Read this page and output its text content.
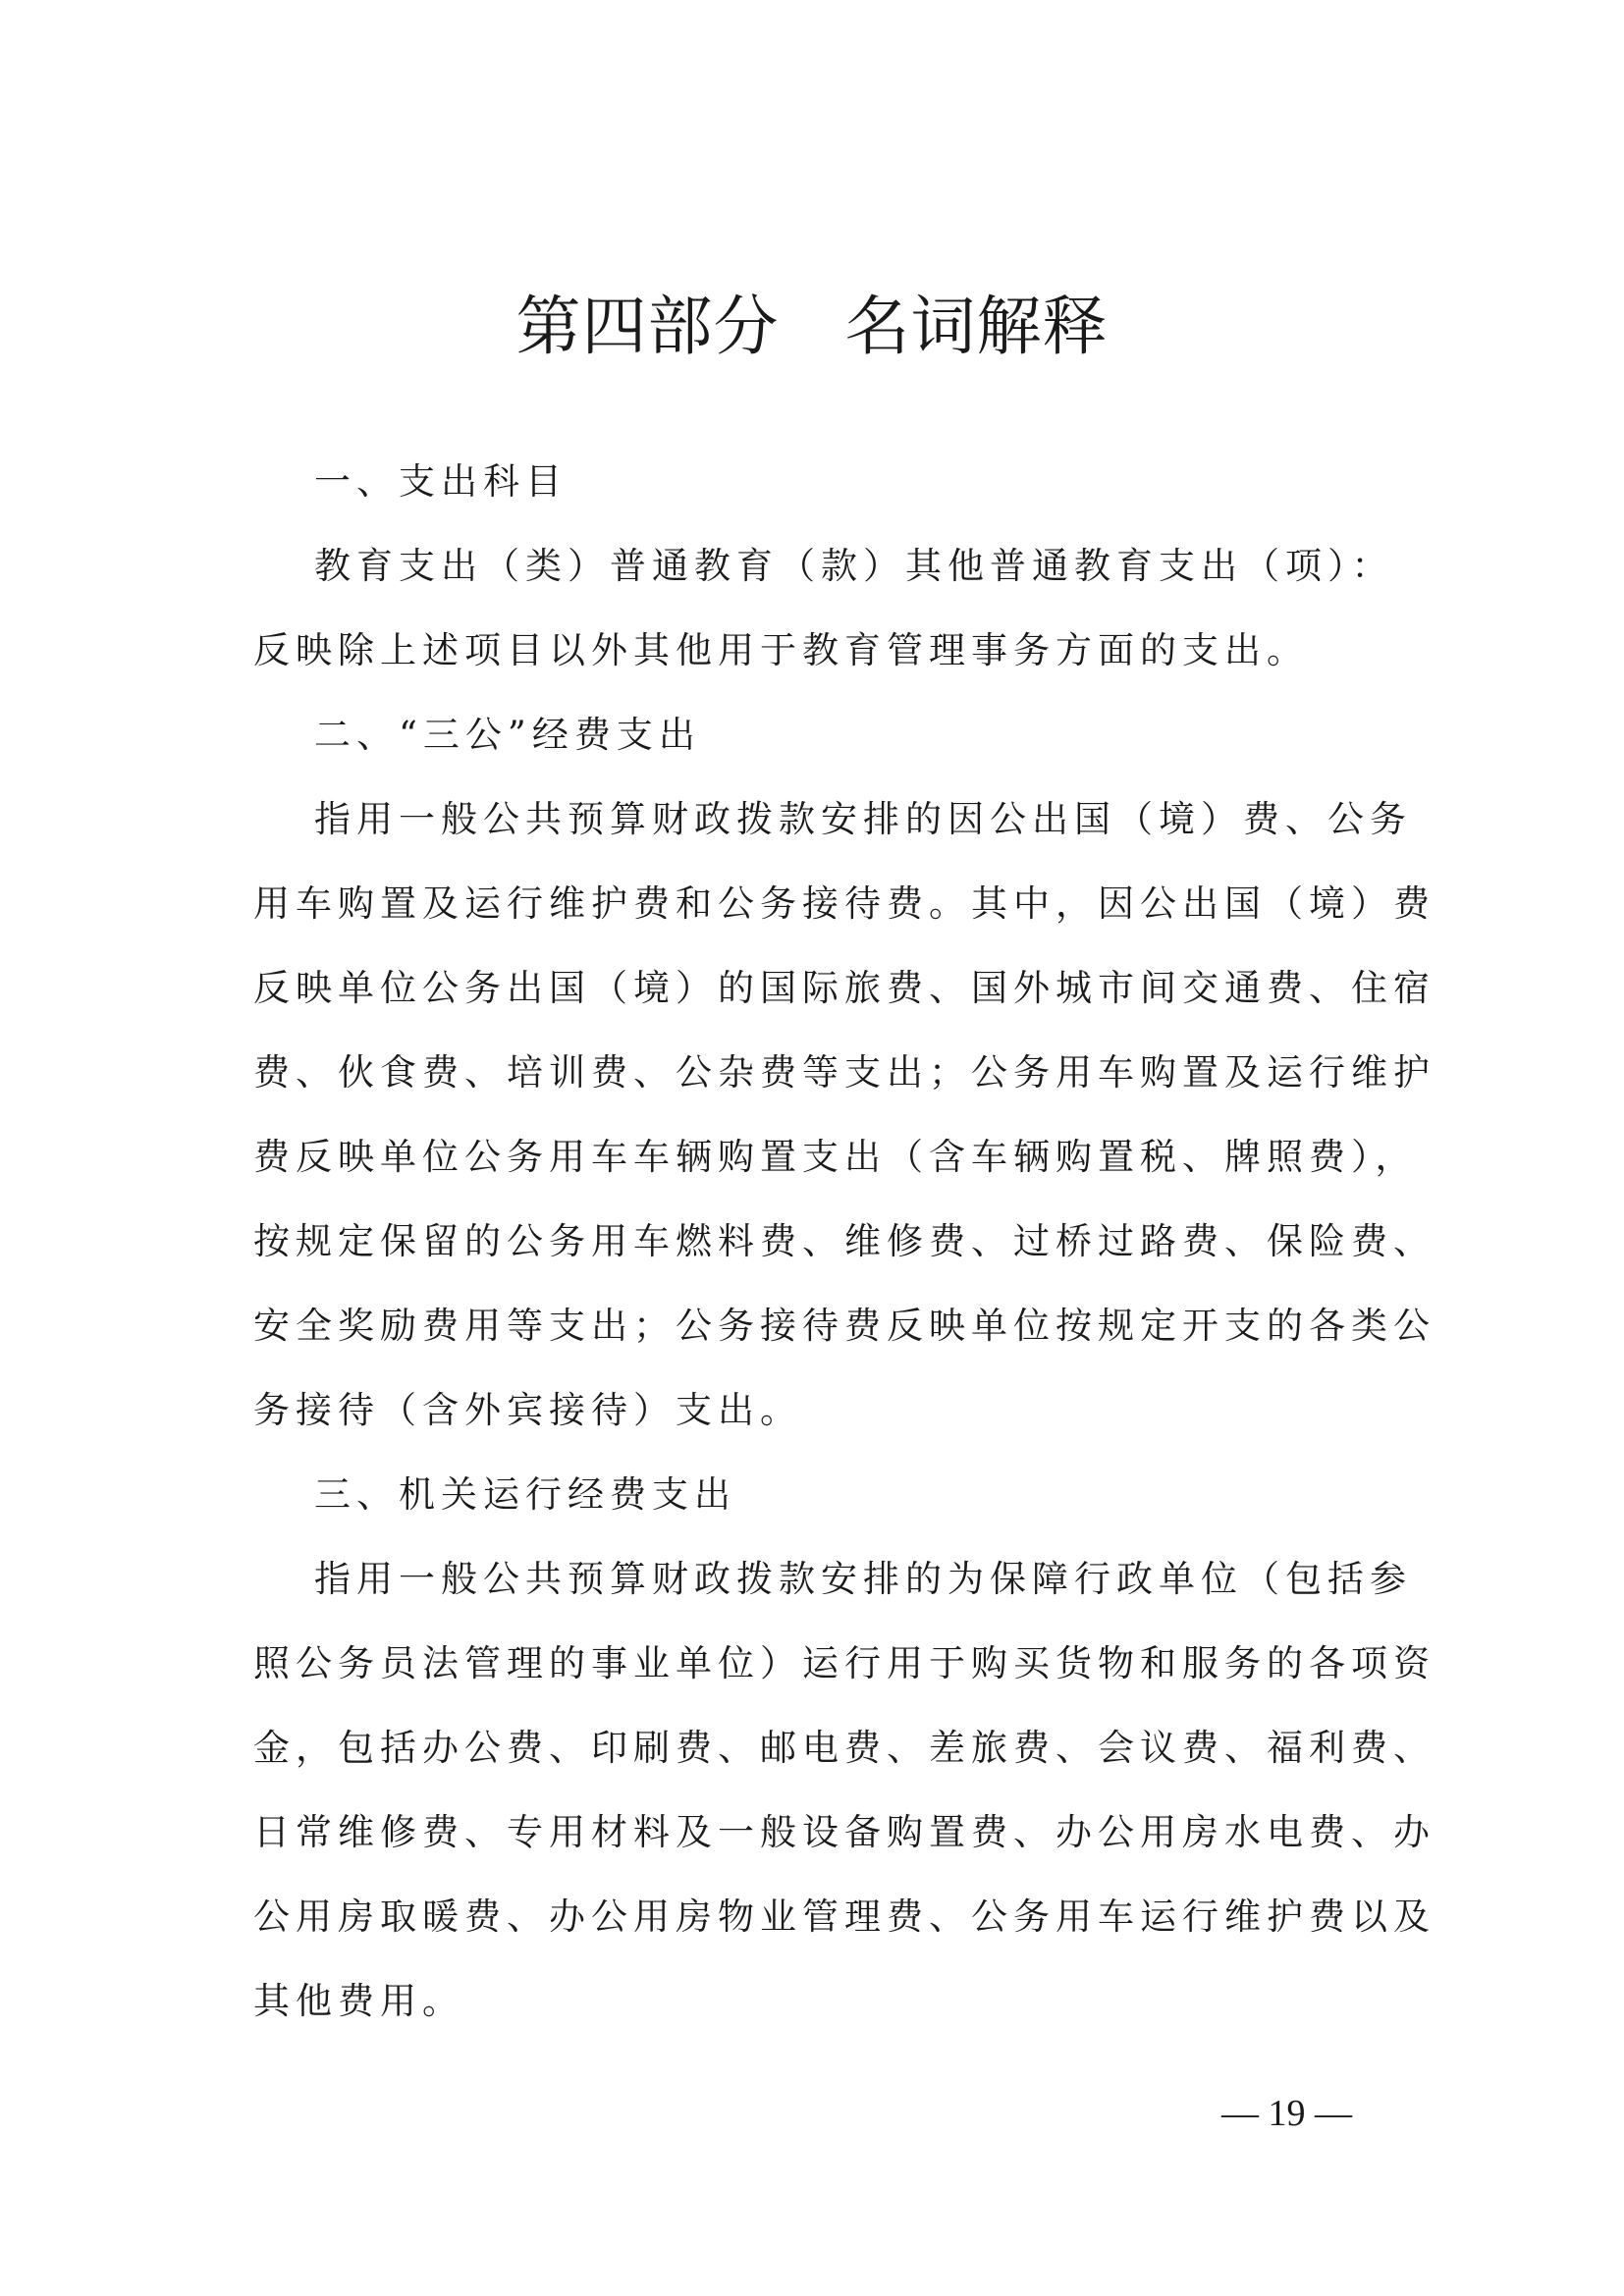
第四部分　名词解释
一、支出科目
教育支出（类）普通教育（款）其他普通教育支出（项）：
反映除上述项目以外其他用于教育管理事务方面的支出。
二、“三公”经费支出
指用一般公共预算财政拨款安排的因公出国（境）费、公务
用车购置及运行维护费和公务接待费。其中，因公出国（境）费
反映单位公务出国（境）的国际旅费、国外城市间交通费、住宿
费、伙食费、培训费、公杂费等支出；公务用车购置及运行维护
费反映单位公务用车车辆购置支出（含车辆购置税、牌照费），
按规定保留的公务用车燃料费、维修费、过桥过路费、保险费、
安全奖励费用等支出；公务接待费反映单位按规定开支的各类公
务接待（含外宾接待）支出。
三、机关运行经费支出
指用一般公共预算财政拨款安排的为保障行政单位（包括参
照公务员法管理的事业单位）运行用于购买货物和服务的各项资
金，包括办公费、印刷费、邮电费、差旅费、会议费、福利费、
日常维修费、专用材料及一般设备购置费、办公用房水电费、办
公用房取暖费、办公用房物业管理费、公务用车运行维护费以及
其他费用。
— 19 —
